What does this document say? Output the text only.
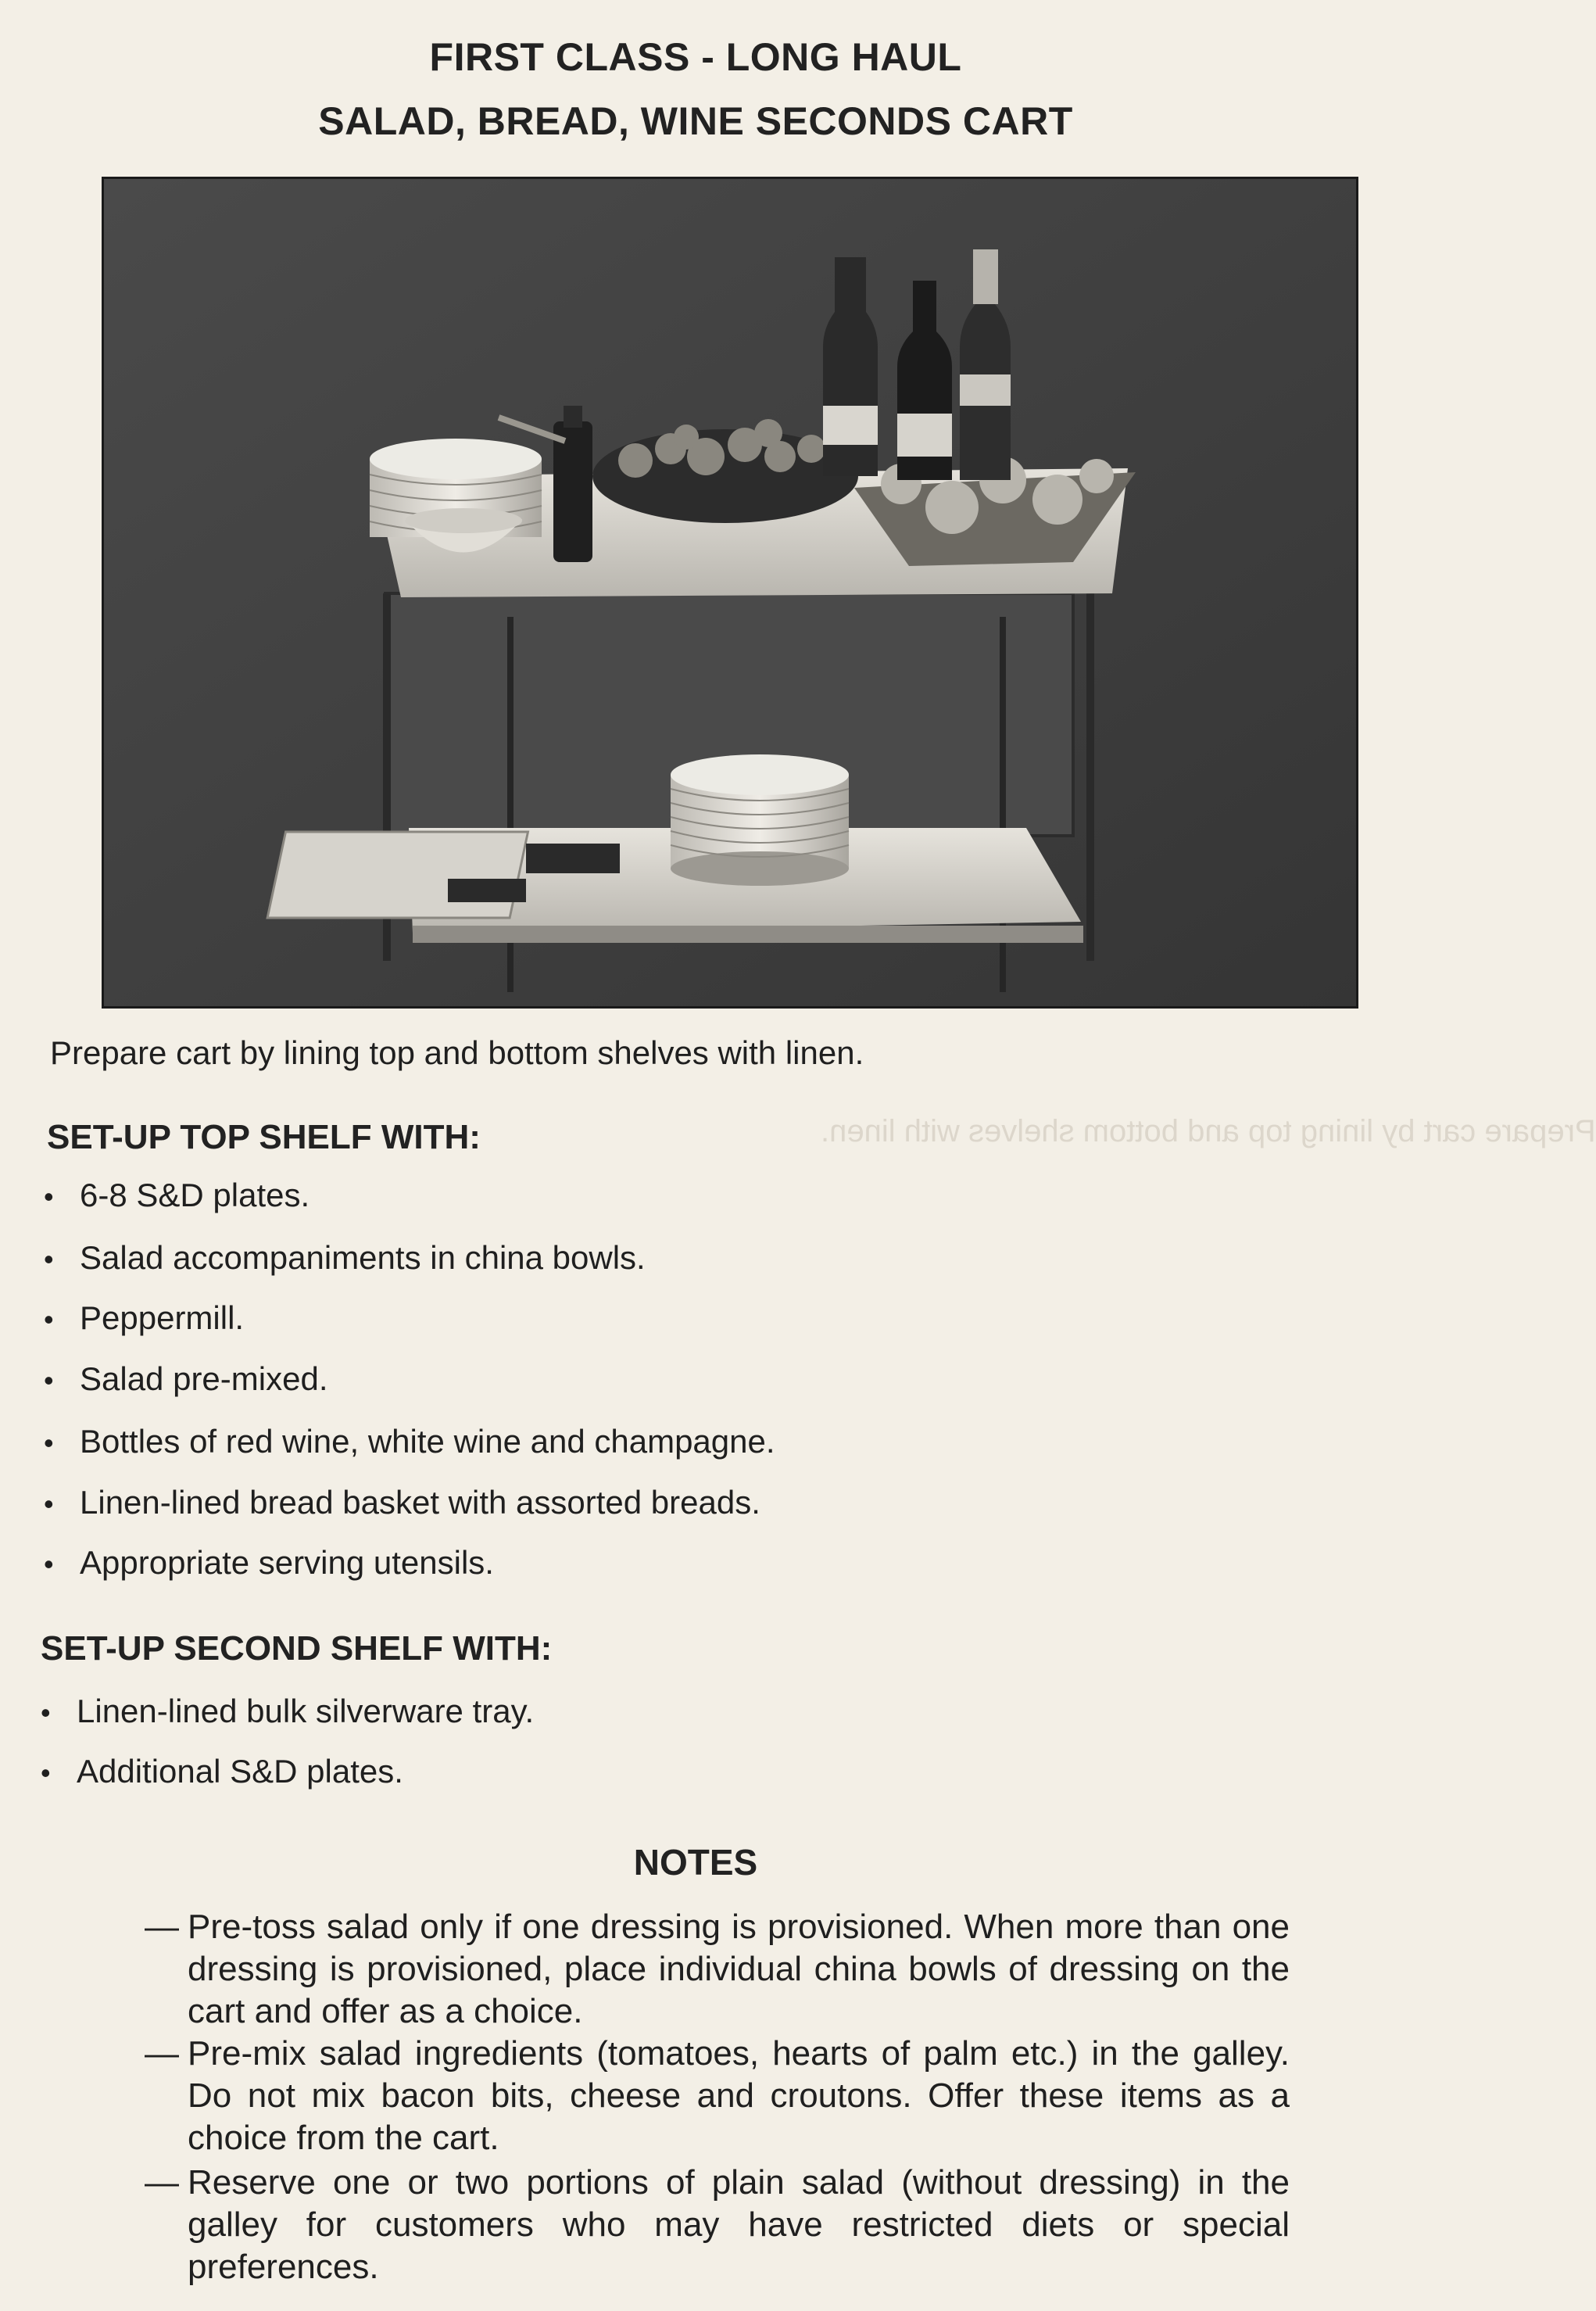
Prepare cart by lining top and bottom shelves with linen.
FIRST CLASS - LONG HAUL
SALAD, BREAD, WINE SECONDS CART
Prepare cart by lining top and bottom shelves with linen.
SET-UP TOP SHELF WITH:
• 6-8 S&D plates.
• Salad accompaniments in china bowls.
• Peppermill.
• Salad pre-mixed.
• Bottles of red wine, white wine and champagne.
• Linen-lined bread basket with assorted breads.
• Appropriate serving utensils.
SET-UP SECOND SHELF WITH:
• Linen-lined bulk silverware tray.
• Additional S&D plates.
NOTES
— Pre-toss salad only if one dressing is provisioned. When more than one dressing is provisioned, place individual china bowls of dressing on the cart and offer as a choice.
— Pre-mix salad ingredients (tomatoes, hearts of palm etc.) in the galley. Do not mix bacon bits, cheese and croutons. Offer these items as a choice from the cart.
— Reserve one or two portions of plain salad (without dressing) in the galley for customers who may have restricted diets or special preferences.
